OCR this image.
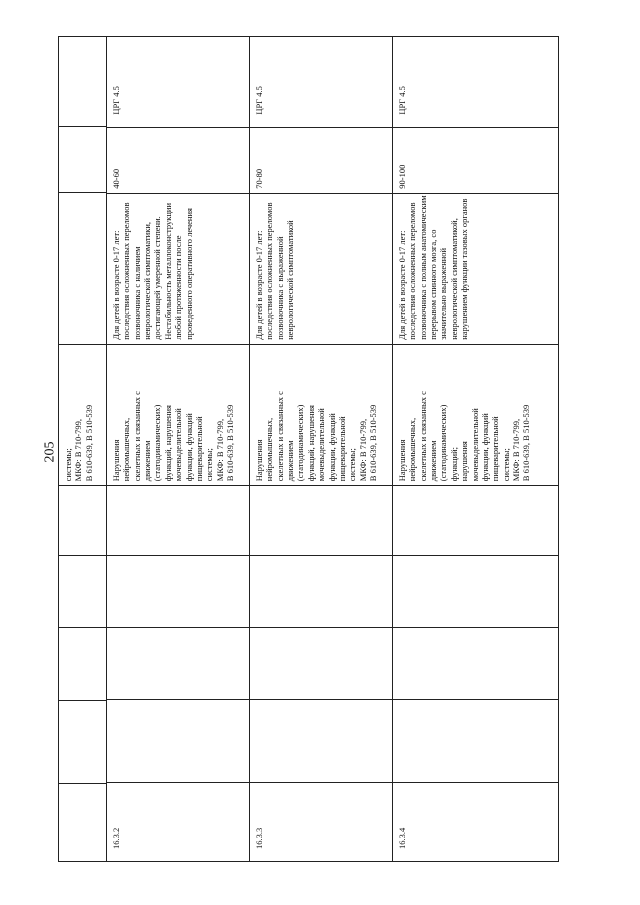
205 системы; МКФ: B 710-799, B 610-639, B 510-539
16.3.2
Нарушения нейромышечных, скелетных и связанных с движением (статодинамических) функций, нарушения мочевыделительной функции, функций пищеварительной системы; МКФ: B 710-799, B 610-639, B 510-539
Для детей в возрасте 0-17 лет: последствия осложненных переломов позвоночника с наличием неврологической симптоматики, достигающей умеренной степени. Нестабильность металлоконструкции любой протяженности после проведенного оперативного лечения
40-60
ЦРГ 4.5
16.3.3
Нарушения нейромышечных, скелетных и связанных с движением (статодинамических) функций, нарушения мочевыделительной функции, функций пищеварительной системы; МКФ: B 710-799, B 610-639, B 510-539
Для детей в возрасте 0-17 лет: последствия осложненных переломов позвоночника с выраженной неврологической симптоматикой
70-80
ЦРГ 4.5
16.3.4
Нарушения нейромышечных, скелетных и связанных с движением (статодинамических) функций; нарушения мочевыделительной функции, функций пищеварительной системы; МКФ: B 710-799, B 610-639, B 510-539
Для детей в возрасте 0-17 лет: последствия осложненных переломов позвоночника с полным анатомическим перерывом спинного мозга, со значительно выраженной неврологической симптоматикой, нарушением функции тазовых органов
90-100
ЦРГ 4.5
